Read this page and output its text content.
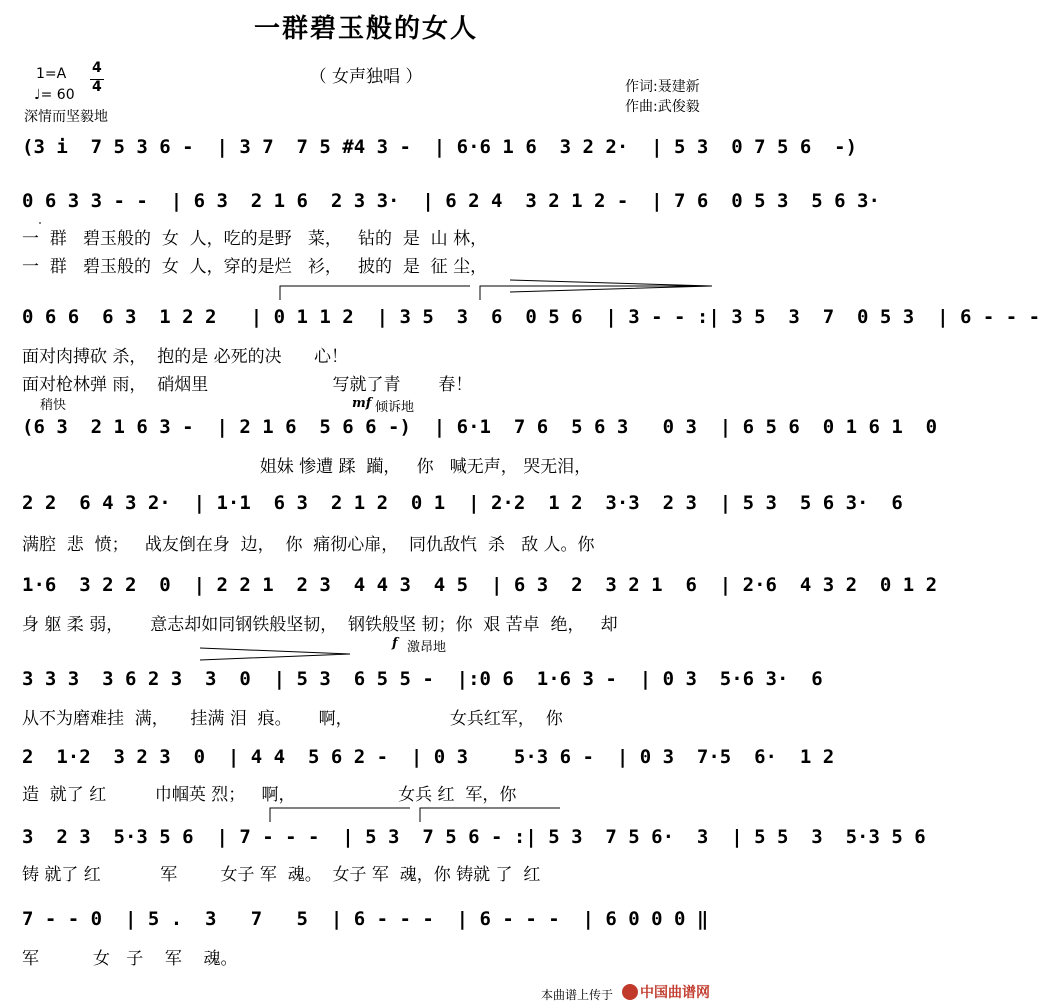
一群碧玉般的女人
（ 女声独唱 ）
1=A 4
4
♩= 60
深情而坚毅地
作词:聂建新
作曲:武俊毅
(3 i  7 5 3 6 -  | 3 7  7 5 #4 3 -  | 6·6 1 6  3 2 2·  | 5 3  0 7 5 6  -)
0 6 3 3 - -  | 6 3  2 1 6  2 3 3·  | 6 2 4  3 2 1 2 -  | 7 6  0 5 3  5 6 3·
一  群   碧玉般的  女  人，吃的是野   菜，   钻的  是  山 林，
一  群   碧玉般的  女  人，穿的是烂   衫，   披的  是  征 尘，
0 6 6  6 3  1 2 2   | 0 1 1 2  | 3 5  3  6  0 5 6  | 3 - - :| 3 5  3  7  0 5 3  | 6 - - -
面对肉搏砍 杀，  抱的是 必死的决      心！
面对枪林弹 雨，  硝烟里                       写就了青       春！
稍快	mf 倾诉地
(6 3  2 1 6 3 -  | 2 1 6  5 6 6 -)  | 6·1  7 6  5 6 3   0 3  | 6 5 6  0 1 6 1  0
姐妹 惨遭 蹂  躏，   你   喊无声， 哭无泪，
2 2  6 4 3 2·  | 1·1  6 3  2 1 2  0 1  | 2·2  1 2  3·3  2 3  | 5 3  5 6 3·  6
满腔  悲  愤；   战友倒在身  边，  你  痛彻心扉，  同仇敌忾  杀   敌 人。你
1·6  3 2 2  0  | 2 2 1  2 3  4 4 3  4 5  | 6 3  2  3 2 1  6  | 2·6  4 3 2  0 1 2
身 躯 柔 弱，     意志却如同钢铁般坚韧，  钢铁般坚 韧；你  艰 苦卓  绝，   却
f 激昂地
3 3 3  3 6 2 3  3  0  | 5 3  6 5 5 -  |:0 6  1·6 3 -  | 0 3  5·6 3·  6
从不为磨难挂  满，    挂满 泪  痕。     啊，                  女兵红军，  你
2  1·2  3 2 3  0  | 4 4  5 6 2 -  | 0 3    5·3 6 -  | 0 3  7·5  6·  1 2
造  就了 红         巾帼英 烈；   啊，                   女兵 红  军，你
3  2 3  5·3 5 6  | 7 - - -  | 5 3  7 5 6 - :| 5 3  7 5 6·  3  | 5 5  3  5·3 5 6
铸 就了 红           军        女子 军  魂。  女子 军  魂，你 铸就 了  红
7 - - 0  | 5 .  3   7   5  | 6 - - -  | 6 - - -  | 6 0 0 0 ‖
军          女   子    军    魂。
本曲谱上传于 中国曲谱网
